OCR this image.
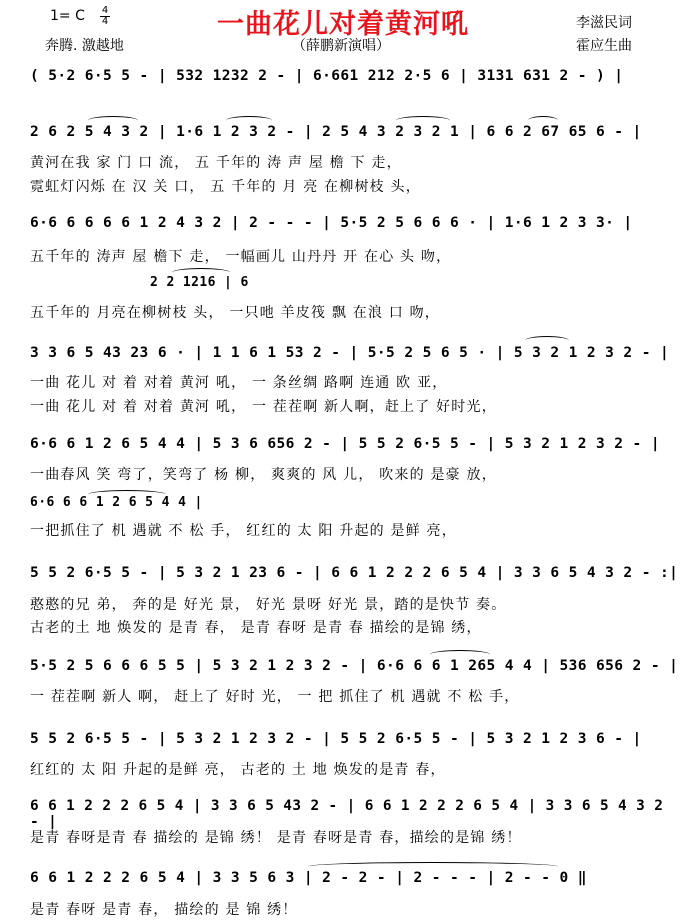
一曲花儿对着黄河吼
1= C $\frac{4}{4}$
奔腾. 激越地	（薛鹏新演唱）
李滋民词
霍应生曲
( 5·2 6·5 5 - | 532 1232 2 - | 6·661 212 2·5 6 | 3131 631 2 - ) |
2 6 2 5 4 3 2 | 1·6 1 2 3 2 - | 2 5 4 3 2 3 2 1 | 6 6 2 67 65 6 - |
黄河在我 家 门 口 流， 五 千年的 涛 声 屋 檐 下 走，
霓虹灯闪烁 在 汉 关 口， 五 千年的 月 亮 在柳树枝 头，
6·6 6 6 6 6 1 2 4 3 2 | 2 - - - | 5·5 2 5 6 6 6 · | 1·6 1 2 3 3· |
五千年的 涛声 屋 檐下 走， 一幅画儿 山丹丹 开 在心 头 吻，
2 2 1216 | 6
五千年的 月亮在柳树枝 头， 一只吔 羊皮筏 飘 在浪 口 吻，
3 3 6 5 43 23 6 · | 1 1 6 1 53 2 - | 5·5 2 5 6 5 · | 5 3 2 1 2 3 2 - |
一曲 花儿 对 着 对着 黄河 吼， 一 条丝绸 路啊 连通 欧 亚，
一曲 花儿 对 着 对着 黄河 吼， 一 茬茬啊 新人啊，赶上了 好时光，
6·6 6 1 2 6 5 4 4 | 5 3 6 656 2 - | 5 5 2 6·5 5 - | 5 3 2 1 2 3 2 - |
一曲春风 笑 弯了，笑弯了 杨 柳， 爽爽的 风 儿， 吹来的 是豪 放，
6·6 6 6 1 2 6 5 4 4 |
一把抓住了 机 遇就 不 松 手， 红红的 太 阳 升起的 是鲜 亮，
5 5 2 6·5 5 - | 5 3 2 1 23 6 - | 6 6 1 2 2 2 6 5 4 | 3 3 6 5 4 3 2 - :|
憨憨的兄 弟， 奔的是 好光 景， 好光 景呀 好光 景，踏的是快节 奏。
古老的土 地 焕发的 是青 春， 是青 春呀 是青 春 描绘的是锦 绣，
5·5 2 5 6 6 6 5 5 | 5 3 2 1 2 3 2 - | 6·6 6 6 1 265 4 4 | 536 656 2 - |
一 茬茬啊 新人 啊， 赶上了 好时 光， 一 把 抓住了 机 遇就 不 松 手，
5 5 2 6·5 5 - | 5 3 2 1 2 3 2 - | 5 5 2 6·5 5 - | 5 3 2 1 2 3 6 - |
红红的 太 阳 升起的是鲜 亮， 古老的 土 地 焕发的是青 春，
6 6 1 2 2 2 6 5 4 | 3 3 6 5 43 2 - | 6 6 1 2 2 2 6 5 4 | 3 3 6 5 4 3 2 - |
是青 春呀是青 春 描绘的 是锦 绣！ 是青 春呀是青 春，描绘的是锦 绣！
6 6 1 2 2 2 6 5 4 | 3 3 5 6 3 | 2 - 2 - | 2 - - - | 2 - - 0 ‖
是青 春呀 是青 春， 描绘的 是 锦 绣！
